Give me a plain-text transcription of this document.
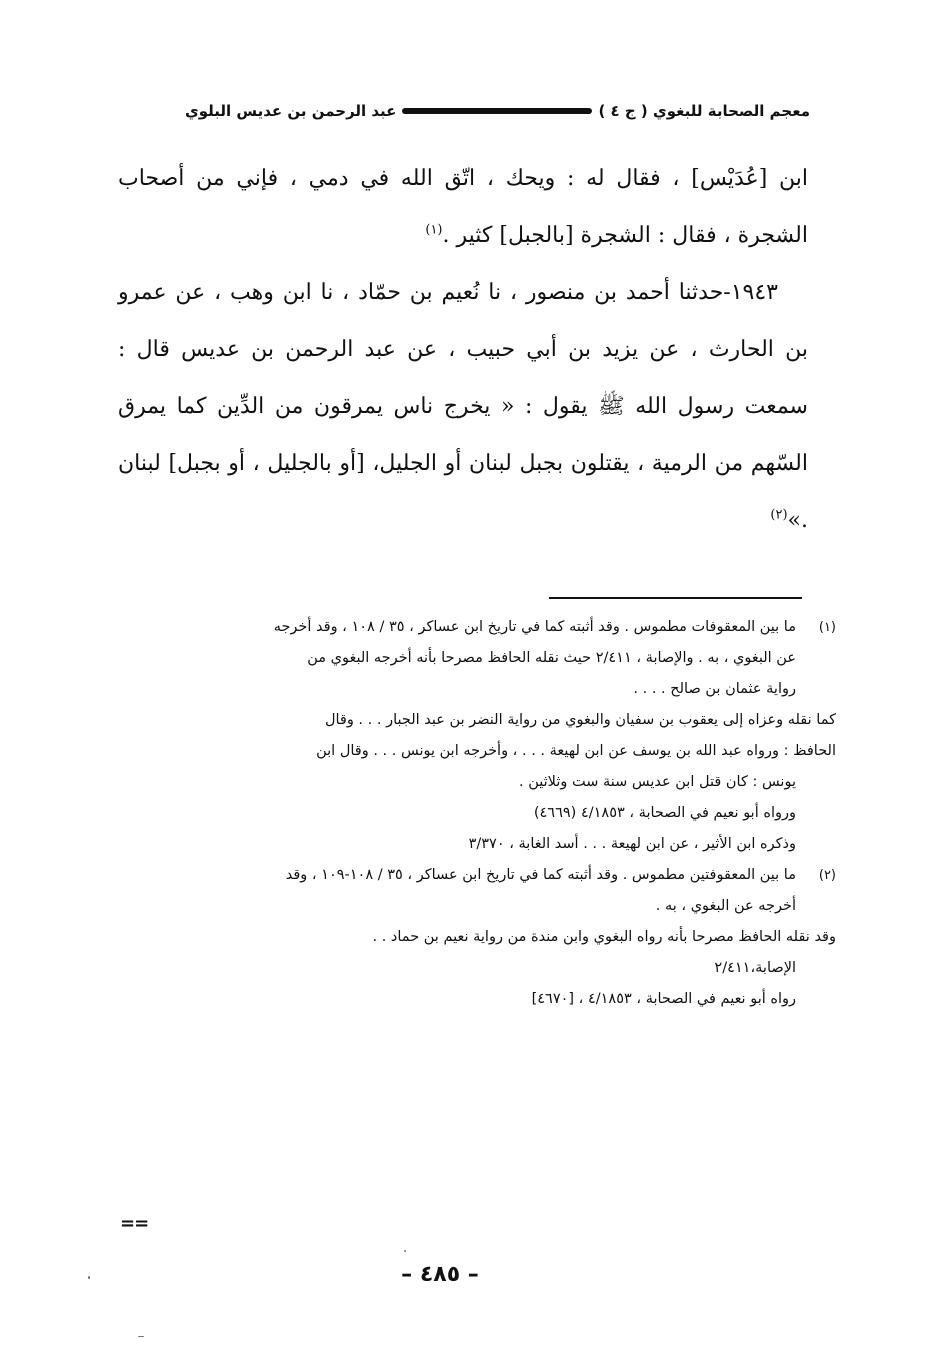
معجم الصحابة للبغوي ( ج ٤ )
عبد الرحمن بن عديس البلوي

ابن [عُدَيْس] ، فقال له : ويحك ، اتّق الله في دمي ، فإني من أصحاب الشجرة ، فقال : الشجرة [بالجبل] كثير .$^{(١)}$

١٩٤٣-حدثنا أحمد بن منصور ، نا نُعيم بن حمّاد ، نا ابن وهب ، عن عمرو بن الحارث ، عن يزيد بن أبي حبيب ، عن عبد الرحمن بن عديس قال : سمعت رسول الله ﷺ يقول : « يخرج ناس يمرقون من الدِّين كما يمرق السّهم من الرمية ، يقتلون بجبل لبنان أو الجليل، [أو بالجليل ، أو بجبل] لبنان .»$^{(٢)}$

(١)

ما بين المعقوفات مطموس . وقد أثبته كما في تاريخ ابن عساكر ، ٣٥ / ١٠٨ ، وقد أخرجه

عن البغوي ، به . والإصابة ، ٢/٤١١ حيث نقله الحافظ مصرحا بأنه أخرجه البغوي من

رواية عثمان بن صالح . . . .

كما نقله وعزاه إلى يعقوب بن سفيان والبغوي من رواية النضر بن عبد الجبار . . . وقال

الحافظ : ورواه عبد الله بن يوسف عن ابن لهيعة . . . ، وأخرجه ابن يونس . . . وقال ابن

يونس : كان قتل ابن عديس سنة ست وثلاثين .

ورواه أبو نعيم في الصحابة ، ٤/١٨٥٣ (٤٦٦٩)

وذكره ابن الأثير ، عن ابن لهيعة . . . أسد الغابة ، ٣/٣٧٠

(٢)

ما بين المعقوفتين مطموس . وقد أثبته كما في تاريخ ابن عساكر ، ٣٥ / ١٠٨-١٠٩ ، وقد

أخرجه عن البغوي ، به .

وقد نقله الحافظ مصرحا بأنه رواه البغوي وابن مندة من رواية نعيم بن حماد . .

الإصابة،٢/٤١١

رواه أبو نعيم في الصحابة ، ٤/١٨٥٣ ، [٤٦٧٠]

==
– ٤٨٥ –
